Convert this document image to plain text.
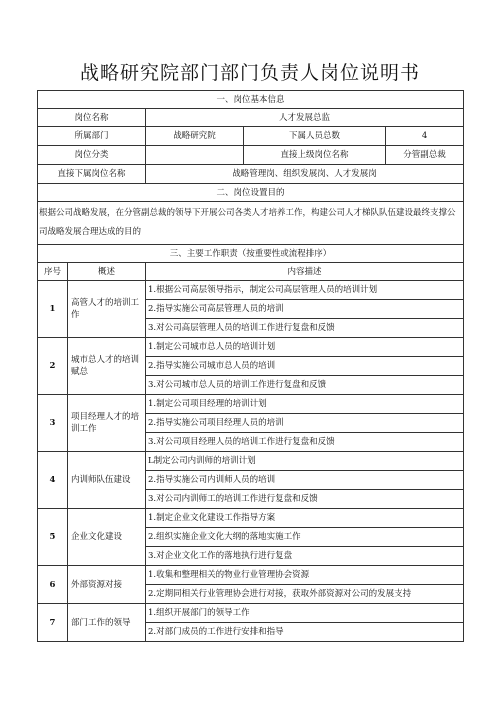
战略研究院部门部门负责人岗位说明书
一、岗位基本信息				
岗位名称		人才发展总监		
所属部门		战略研究院	下属人员总数	4
岗位分类			直接上级岗位名称	分管副总裁
直接下属岗位名称		战略管理岗、组织发展岗、人才发展岗		
二、岗位设置目的				
根据公司战略发展，在分管副总裁的领导下开展公司各类人才培养工作，构建公司人才梯队队伍建设最终支撑公司战略发展合理达成的目的				
三、主要工作职责（按重要性或流程排序）				
序号	概述	内容描述		
1	高管人才的培训工作	1.根据公司高层领导指示，制定公司高层管理人员的培训计划		
		2.指导实施公司高层管理人员的培训		
		3.对公司高层管理人员的培训工作进行复盘和反馈		
2	城市总人才的培训赋总	1.制定公司城市总人员的培训计划		
		2.指导实施公司城市总人员的培训		
		3.对公司城市总人员的培训工作进行复盘和反馈		
3	项目经理人才的培训工作	1.制定公司项目经理的培训计划		
		2.指导实施公司项目经理人员的培训		
		3.对公司项目经理人员的培训工作进行复盘和反馈		
4	内训师队伍建设	L制定公司内训师的培训计划		
		2.指导实施公司内训师人员的培训		
		3.对公司内训师工的培训工作进行复盘和反馈		
5	企业文化建设	1.制定企业文化建设工作指导方案		
		2.组织实施企业文化大纲的落地实施工作		
		3.对企业文化工作的落地执行进行复盘		
6	外部资源对接	1.收集和整理相关的物业行业管理协会资源		
		2.定期同相关行业管理协会进行对接，获取外部资源对公司的发展支持		
7	部门工作的领导	1.组织开展部门的领导工作		
		2.对部门成员的工作进行安排和指导		
